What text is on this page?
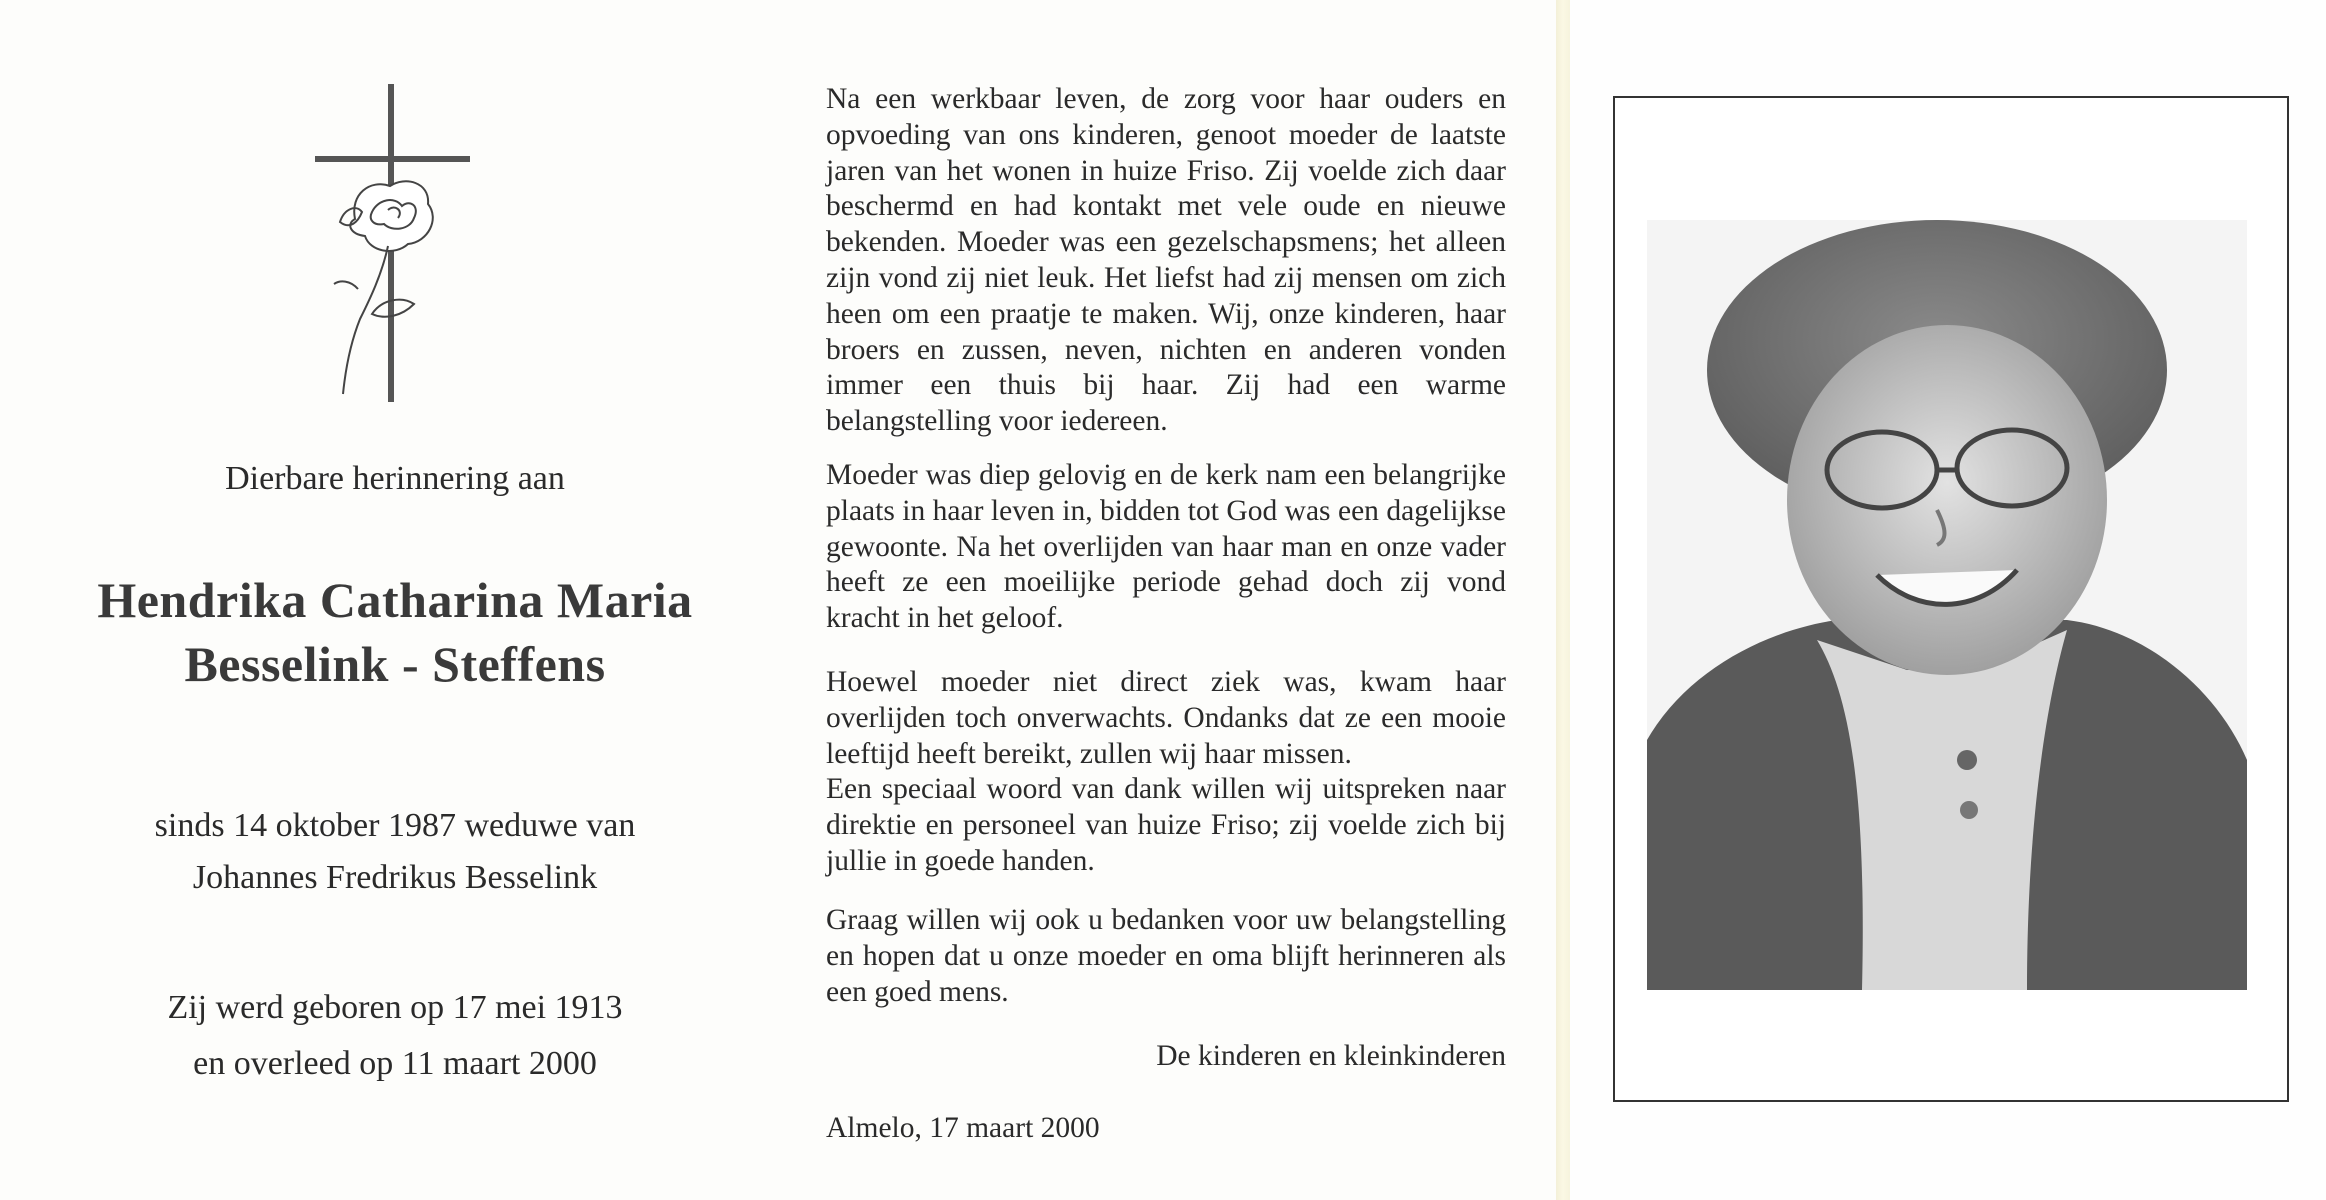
Dierbare herinnering aan
Hendrika Catharina Maria
Besselink - Steffens
sinds 14 oktober 1987 weduwe van
Johannes Fredrikus Besselink
Zij werd geboren op 17 mei 1913
en overleed op 11 maart 2000

Na een werkbaar leven, de zorg voor haar ouders en opvoeding van ons kinderen, genoot moeder de laatste jaren van het wonen in huize Friso. Zij voelde zich daar beschermd en had kontakt met vele oude en nieuwe bekenden. Moeder was een gezelschapsmens; het alleen zijn vond zij niet leuk. Het liefst had zij mensen om zich heen om een praatje te maken. Wij, onze kinderen, haar broers en zussen, neven, nichten en anderen vonden immer een thuis bij haar. Zij had een warme belangstelling voor iedereen.

Moeder was diep gelovig en de kerk nam een belangrijke plaats in haar leven in, bidden tot God was een dagelijkse gewoonte. Na het overlijden van haar man en onze vader heeft ze een moeilijke periode gehad doch zij vond kracht in het geloof.

Hoewel moeder niet direct ziek was, kwam haar overlijden toch onverwachts. Ondanks dat ze een mooie leeftijd heeft bereikt, zullen wij haar missen.
Een speciaal woord van dank willen wij uitspreken naar direktie en personeel van huize Friso; zij voelde zich bij jullie in goede handen.

Graag willen wij ook u bedanken voor uw belangstelling en hopen dat u onze moeder en oma blijft herinneren als een goed mens.

De kinderen en kleinkinderen

Almelo, 17 maart 2000
